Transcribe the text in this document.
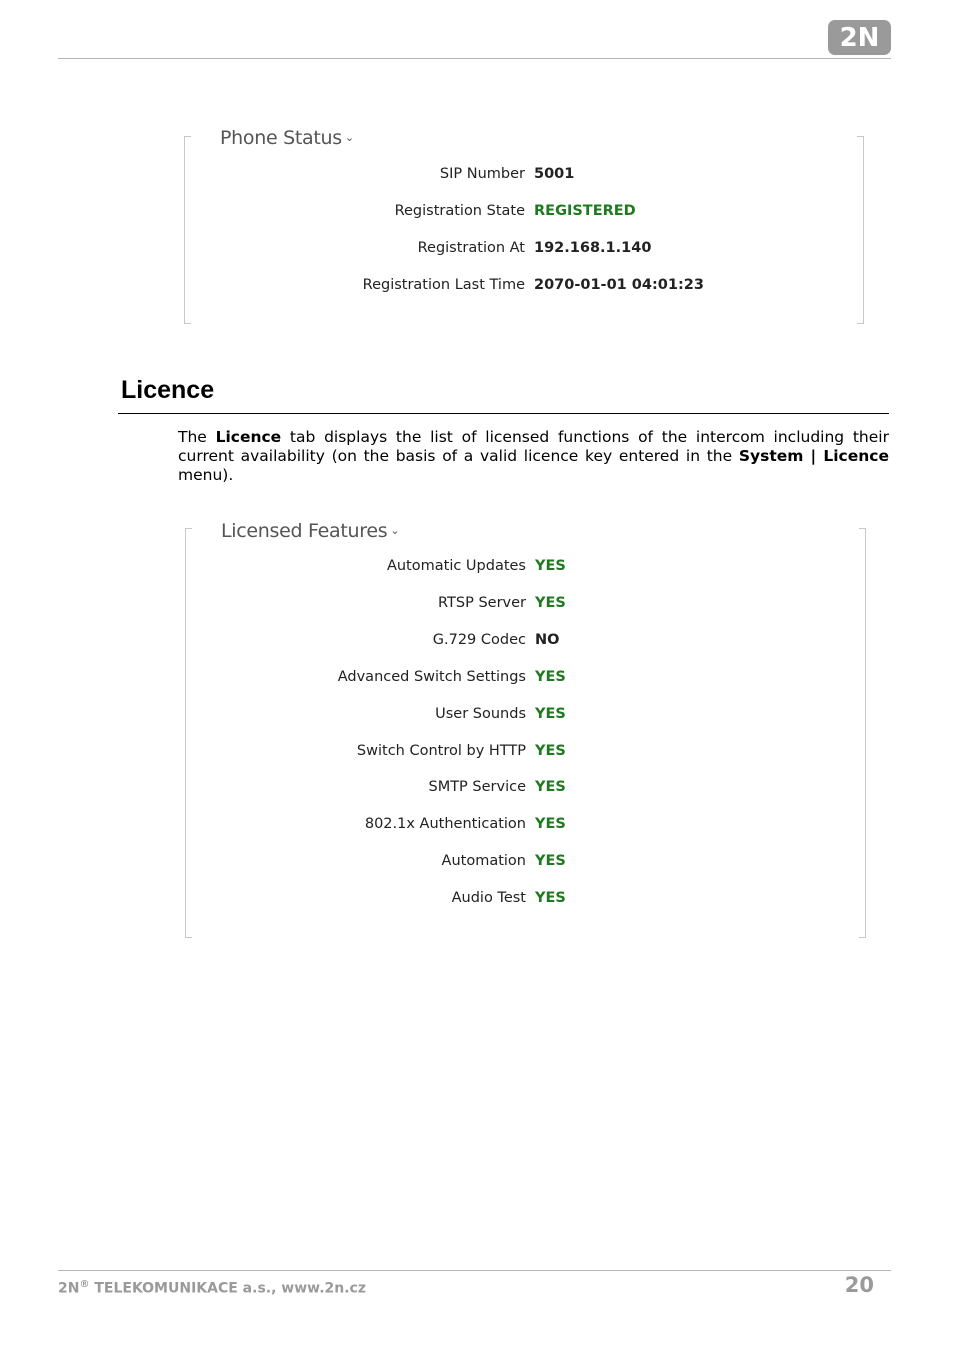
2N
Phone Status ⌄
SIP Number 5001
Registration State REGISTERED
Registration At 192.168.1.140
Registration Last Time 2070-01-01 04:01:23
Licence
The Licence tab displays the list of licensed functions of the intercom including their current availability (on the basis of a valid licence key entered in the System | Licence menu).
Licensed Features ⌄
Automatic Updates YES
RTSP Server YES
G.729 Codec NO
Advanced Switch Settings YES
User Sounds YES
Switch Control by HTTP YES
SMTP Service YES
802.1x Authentication YES
Automation YES
Audio Test YES
2N® TELEKOMUNIKACE a.s., www.2n.cz	20
